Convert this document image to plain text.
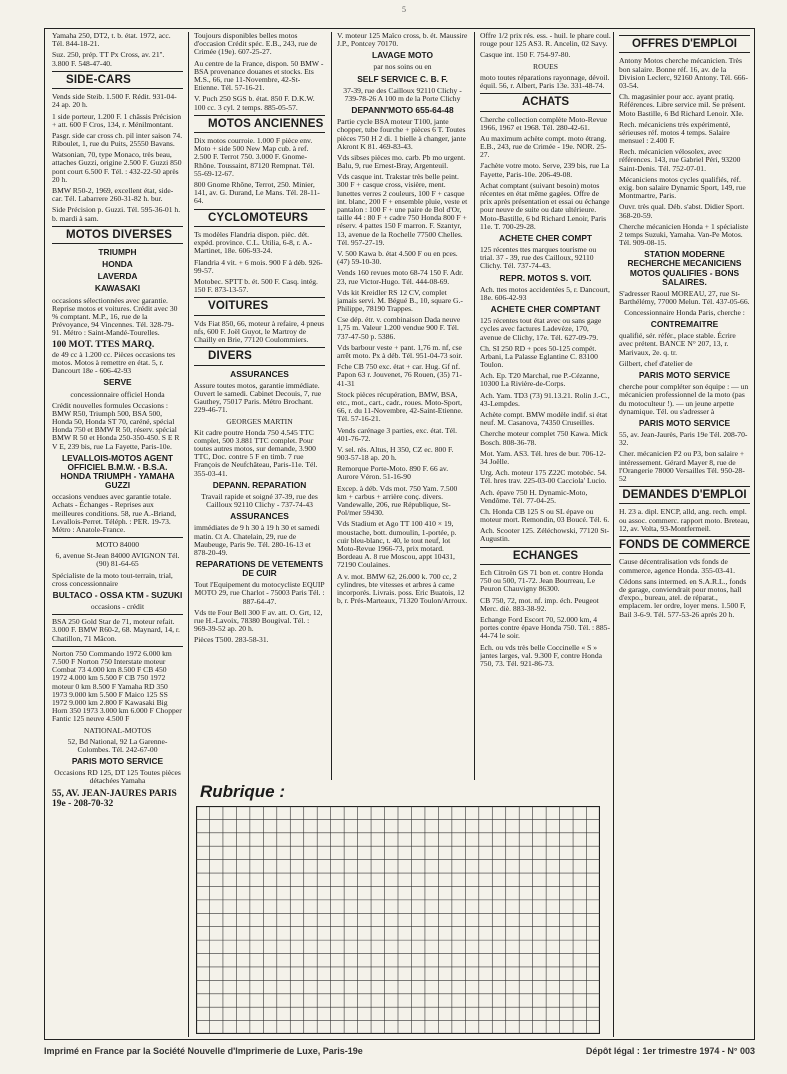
5
Yamaha 250, DT2, t. b. état. 1972, acc. Tél. 844-18-21.
Suz. 250, prép. TT Px Cross, av. 21''. 3.800 F. 548-47-40.
SIDE-CARS
Vends side Steib. 1.500 F. Rédit. 931-04-24 ap. 20 h.
1 side porteur, 1.200 F. 1 châssis Précision + att. 600 F Cros, 134, r. Ménilmontant.
Pasgr. side car cross ch. pil inter saison 74. Riboulet, 1, rue du Puits, 25550 Bavans.
Watsonian, 70, type Monaco, très beau, attaches Guzzi, origine 2.500 F. Guzzi 850 pont court 6.500 F. Tél. : 432-22-50 après 20 h.
BMW R50-2, 1969, excellent état, side-car. Tél. Labarrere 260-31-82 h. bur.
Side Précision p. Guzzi. Tél. 595-36-01 h. b. mardi à sam.
MOTOS DIVERSES
TRIUMPH
HONDA
LAVERDA
KAWASAKI
occasions sélectionnées avec garantie. Reprise motos et voitures. Crédit avec 30 % comptant. M.P., 16, rue de la Prévoyance, 94 Vincennes. Tél. 328-79-91. Métro : Saint-Mandé-Tourelles.
100 MOT. TTES MARQ.
de 49 cc à 1.200 cc. Pièces occasions tes motos. Motos à remettre en état. 5, r. Dancourt 18e - 606-42-93
SERVE
concessionnaire officiel Honda
Crédit nouvelles formules Occasions : BMW R50, Triumph 500, BSA 500, Honda 50, Honda ST 70, caréné, spécial Honda 750 et BMW R 50, réserv. spécial BMW R 50 et Honda 250-350-450. S E R V E, 239 bis, rue La Fayette, Paris-10e.
LEVALLOIS-MOTOS AGENT OFFICIEL B.M.W. - B.S.A. HONDA TRIUMPH - YAMAHA GUZZI
occasions vendues avec garantie totale. Achats - Échanges - Reprises aux meilleures conditions. 58, rue A.-Briand, Levallois-Perret. Téléph. : PER. 19-73. Métro : Anatole-France.
MOTO 84000
6, avenue St-Jean 84000 AVIGNON Tél. (90) 81-64-65
Spécialiste de la moto tout-terrain, trial, cross concessionnaire
BULTACO - OSSA KTM - SUZUKI
occasions - crédit
BSA 250 Gold Star de 71, moteur refait. 3.000 F. BMW R60-2, 68. Maynard, 14, r. Chatillon, 71 Mâcon.
Norton 750 Commando 1972 6.000 km 7.500 F Norton 750 Interstate moteur Combat 73 4.000 km 8.500 F CB 450 1972 4.000 km 5.500 F CB 750 1972 moteur 0 km 8.500 F Yamaha RD 350 1973 9.000 km 5.500 F Maico 125 SS 1972 9.000 km 2.800 F Kawasaki Big Horn 350 1973 3.000 km 6.000 F Chopper Fantic 125 neuve 4.500 F
NATIONAL-MOTOS
52, Bd National, 92 La Garenne-Colombes. Tél. 242-67-00
PARIS MOTO SERVICE
Occasions RD 125, DT 125 Toutes pièces détachées Yamaha
55, AV. JEAN-JAURES PARIS 19e - 208-70-32
Toujours disponibles belles motos d'occasion Crédit spéc. E.B., 243, rue de Crimée (19e). 607-25-27.
Au centre de la France, dispon. 50 BMW - BSA provenance douanes et stocks. Ets M.S., 66, rue 11-Novembre, 42-St-Etienne. Tél. 57-16-21.
V. Puch 250 SGS b. état. 850 F. D.K.W. 100 cc. 3 cyl. 2 temps. 885-05-57.
MOTOS ANCIENNES
Dix motos courroie. 1.000 F pièce env. Moto + side 500 New Map cub. à ref. 2.500 F. Terrot 750. 3.000 F. Gnome-Rhône. Toussaint, 87120 Rempnat. Tél. 55-69-12-67.
800 Gnome Rhône, Terrot, 250. Minier, 141, av. G. Durand, Le Mans. Tél. 28-11-64.
CYCLOMOTEURS
Ts modèles Flandria dispon. pièc. dét. expéd. province. C.L. Utilia, 6-8, r. A.-Martinet, 18e. 606-93-24.
Flandria 4 vit. + 6 mois. 900 F à déb. 926-99-57.
Motobec. SPTT b. ét. 500 F. Casq. intég. 150 F. 873-13-57.
VOITURES
Vds Fiat 850, 66, moteur à refaire, 4 pneus nfs, 600 F. Joël Guyot, le Martroy de Chailly en Brie, 77120 Coulommiers.
DIVERS
ASSURANCES
Assure toutes motos, garantie immédiate. Ouvert le samedi. Cabinet Decouis, 7, rue Gauthey, 75017 Paris. Métro Brochant. 229-46-71.
GEORGES MARTIN
Kit cadre poutre Honda 750 4.545 TTC complet, 500 3.881 TTC complet. Pour toutes autres motos, sur demande, 3.900 TTC, Doc. contre 5 F en timb. 7 rue François de Neufchâteau, Paris-11e. Tél. 355-03-41.
DEPANN. REPARATION
Travail rapide et soigné 37-39, rue des Cailloux 92110 Clichy - 737-74-43
ASSURANCES
immédiates de 9 h 30 à 19 h 30 et samedi matin. Ct A. Chatelain, 29, rue de Maubeuge, Paris 9e. Tél. 280-16-13 et 878-20-49.
REPARATIONS DE VETEMENTS DE CUIR
Tout l'Equipement du motocycliste EQUIP MOTO 29, rue Charlot - 75003 Paris Tél. : 887-64-47.
Vds tte Four Bell 300 F av. att. O. Grt, 12, rue H.-Lavoix, 78380 Bougival. Tél. : 969-39-52 ap. 20 h.
Pièces T500. 283-58-31.
V. moteur 125 Maïco cross, b. ét. Maussire J.P., Pontcey 70170.
LAVAGE MOTO
par nos soins ou en
SELF SERVICE C. B. F.
37-39, rue des Cailloux 92110 Clichy - 739-78-26 A 100 m de la Porte Clichy
DEPANN'MOTO 655-64-48
Partie cycle BSA moteur T100, jante chopper, tube fourche + pièces 6 T. Toutes pièces 750 H 2 di. 1 bielle à changer, jante Akront K 81. 469-83-43.
Vds sibses pièces mo. carb. Pb mo urgent. Balu, 9, rue Ernest-Bray, Argenteuil.
Vds casque int. Trakstar très belle peint. 300 F + casque cross, visière, ment. lunettes verres 2 couleurs, 100 F + casque int. blanc, 200 F + ensemble pluie, veste et pantalon : 100 F + une paire de Bol d'Or, taille 44 : 80 F + cadre 750 Honda 800 F + réserv. 4 pattes 150 F marron. F. Szantyr, 13, avenue de la Rochelle 77500 Chelles. Tél. 957-27-19.
V. 500 Kawa b. état 4.500 F ou en pces. (47) 59-10-30.
Vends 160 revues moto 68-74 150 F. Adr. 23, rue Victor-Hugo. Tél. 444-08-69.
Vds kit Kreidler RS 12 CV, complet jamais servi. M. Bégué B., 10, square G.-Philippe, 78190 Trappes.
Cse dép. étr. v. combinaison Dada neuve 1,75 m. Valeur 1.200 vendue 900 F. Tél. 737-47-50 p. 5386.
Vds barbour veste + pant. 1,76 m. nf, cse arrêt moto. Px à déb. Tél. 951-04-73 soir.
Fche CB 750 exc. état + car. Hug. Gf nf. Papon 63 r. Jouvenet, 76 Rouen, (35) 71-41-31
Stock pièces récupération, BMW, BSA, etc., mot., cart., cadr., roues. Moto-Sport, 66, r. du 11-Novembre, 42-Saint-Etienne. Tél. 57-16-21.
Vends carénage 3 parties, exc. état. Tél. 401-76-72.
V. sel. rés. Altus, H 350, CZ ec. 800 F. 903-57-18 ap. 20 h.
Remorque Porte-Moto. 890 F. 66 av. Aurore Véron. 51-16-90
Excep. à déb. Vds mot. 750 Yam. 7.500 km + carbus + arrière conç. divers. Vandewalle, 206, rue République, St-Pol/mer 59430.
Vds Stadium et Ago TT 100 410 × 19, moustache, bott. dumoulin, 1-portée, p. cuir bleu-blanc, t. 40, le tout neuf, lot Moto-Revue 1966-73, prix motard. Bordeau A. 8 rue Moscou, appt 10431, 72190 Coulaines.
A v. mot. BMW 62, 26.000 k. 700 cc, 2 cylindres, bte vitesses et arbres à came incorporés. Livrais. poss. Eric Buatois, 12 b, r. Prés-Marteaux, 71320 Toulon/Arroux.
Offre 1/2 prix rés. ess. - huil. le phare coul. rouge pour 125 AS3. R. Ancelin, 02 Savy.
Casque int. 150 F. 754-97-80.
ROUES
moto toutes réparations rayonnage, dévoil. équil. 56, r. Albert, Paris 13e. 331-48-74.
ACHATS
Cherche collection complète Moto-Revue 1966, 1967 et 1968. Tél. 280-42-61.
Au maximum achète compt. moto étrang. E.B., 243, rue de Crimée - 19e. NOR. 25-27.
J'achète votre moto. Serve, 239 bis, rue La Fayette, Paris-10e. 206-49-08.
Achat comptant (suivant besoin) motos récentes en état même gagées. Offre de prix après présentation et essai ou échange pour neuve de suite ou date ultérieure. Moto-Bastille, 6 bd Richard Lenoir, Paris 11e. T. 700-29-28.
ACHETE CHER COMPT
125 récentes ttes marques tourisme ou trial. 37 - 39, rue des Cailloux, 92110 Clichy. Tél. 737-74-43.
REPR. MOTOS S. VOIT.
Ach. ttes motos accidentées 5, r. Dancourt, 18e. 606-42-93
ACHETE CHER COMPTANT
125 récentes tout état avec ou sans gage cycles avec factures Ladevèze, 170, avenue de Clichy, 17e. Tél. 627-09-79.
Ch. SI 250 RD + pces 50-125 compét. Arbani, La Palasse Eglantine C. 83100 Toulon.
Ach. Ep. T20 Marchal, rue P.-Cézanne, 10300 La Rivière-de-Corps.
Ach. Yam. TD3 (73) 91.13.21. Rolin J.-C., 43-Lempdes.
Achète compt. BMW modèle indif. si état neuf. M. Casanova, 74350 Cruseilles.
Cherche moteur complet 750 Kawa. Mick Bosch. 808-36-78.
Mot. Yam. AS3. Tél. hres de bur. 706-12-34 Joëlle.
Urg. Ach. moteur 175 Z22C motobéc. 54. Tél. hres trav. 225-03-00 Cacciola' Lucio.
Ach. épave 750 H. Dynamic-Moto, Vendôme. Tél. 77-04-25.
Ch. Honda CB 125 S ou SL épave ou moteur mort. Remondin, 03 Boucé. Tél. 6.
Ach. Scooter 125. Zéléchowski, 77120 St-Augustin.
ECHANGES
Ech Citroën GS 71 bon et. contre Honda 750 ou 500, 71-72. Jean Bourreau, Le Peuron Chauvigny 86300.
CB 750, 72, mot. nf. imp. éch. Peugeot Merc. diè. 883-38-92.
Echange Ford Escort 70, 52.000 km, 4 portes contre épave Honda 750. Tél. : 885-44-74 le soir.
Ech. ou vds très belle Coccinelle « S » jantes larges, val. 9.300 F, contre Honda 750, 73. Tél. 921-86-73.
OFFRES D'EMPLOI
Antony Motos cherche mécanicien. Très bon salaire. Bonne réf. 16, av. de la Division Leclerc, 92160 Antony. Tél. 666-03-54.
Ch. magasinier pour acc. ayant pratiq. Références. Libre service mil. Se présent. Moto Bastille, 6 Bd Richard Lenoir. XIe.
Rech. mécaniciens très expérimenté, sérieuses réf. motos 4 temps. Salaire mensuel : 2.400 F.
Rech. mécanicien vélosolex, avec références. 143, rue Gabriel Péri, 93200 Saint-Denis. Tél. 752-07-01.
Mécaniciens motos cycles qualifiés, réf. exig. bon salaire Dynamic Sport, 149, rue Montmartre, Paris.
Ouvr. très qual. Déb. s'abst. Didier Sport. 368-20-59.
Cherche mécanicien Honda + 1 spécialiste 2 temps Suzuki, Yamaha. Van-Pe Motos. Tél. 909-08-15.
STATION MODERNE RECHERCHE MECANICIENS MOTOS QUALIFIES - BONS SALAIRES.
S'adresser Raoul MOREAU, 27, rue St-Barthélémy, 77000 Melun. Tél. 437-05-66.
Concessionnaire Honda Paris, cherche :
CONTREMAITRE
qualifié, sér. référ., place stable. Écrire avec prétent. BANCE N° 207, 13, r. Marivaux, 2e. q. tr.
Gilbert, chef d'atelier de
PARIS MOTO SERVICE
cherche pour compléter son équipe : — un mécanicien professionnel de la moto (pas du motoculteur !). — un jeune arpette dynamique. Tél. ou s'adresser à
PARIS MOTO SERVICE
55, av. Jean-Jaurès, Paris 19e Tél. 208-70-32.
Cher. mécanicien P2 ou P3, bon salaire + intéressement. Gérard Mayer 8, rue de l'Orangerie 78000 Versailles Tél. 950-28-52
DEMANDES D'EMPLOI
H. 23 a. dipl. ENCP, alld, ang. rech. empl. ou assoc. commerc. rapport moto. Breteau, 12, av. Volta, 93-Montfermeil.
FONDS DE COMMERCE
Cause décentralisation vds fonds de commerce, agence Honda. 355-03-41.
Cédons sans intermed. en S.A.R.L., fonds de garage, conviendrait pour motos, hall d'expo., bureau, atel. de réparat., emplacem. ler ordre, loyer mens. 1.500 F, Bail 3-6-9. Tél. 577-53-26 après 20 h.
Rubrique :
Imprimé en France par la Société Nouvelle d'Imprimerie de Luxe, Paris-19e	Dépôt légal : 1er trimestre 1974 - N° 003
